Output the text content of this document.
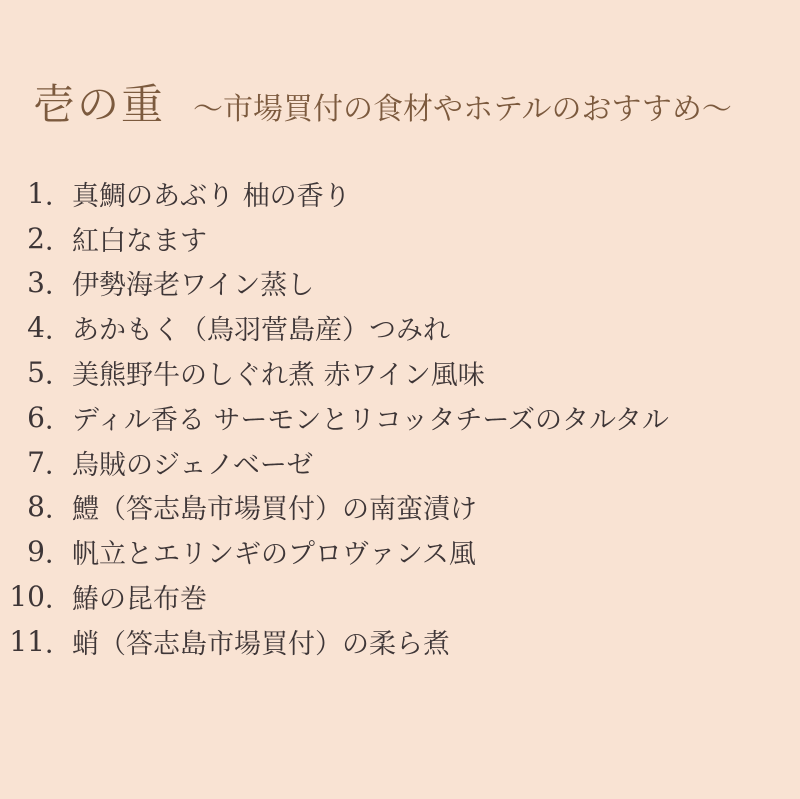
壱の重 ～市場買付の食材やホテルのおすすめ～
1 ． 真鯛のあぶり 柚の香り
2 ． 紅白なます
3 ． 伊勢海老ワイン蒸し
4 ． あかもく（鳥羽菅島産）つみれ
5 ． 美熊野牛のしぐれ煮 赤ワイン風味
6 ． ディル香る サーモンとリコッタチーズのタルタル
7 ． 烏賊のジェノベーゼ
8 ． 鱧（答志島市場買付）の南蛮漬け
9 ． 帆立とエリンギのプロヴァンス風
10 ． 鰆の昆布巻
11 ． 蛸（答志島市場買付）の柔ら煮
